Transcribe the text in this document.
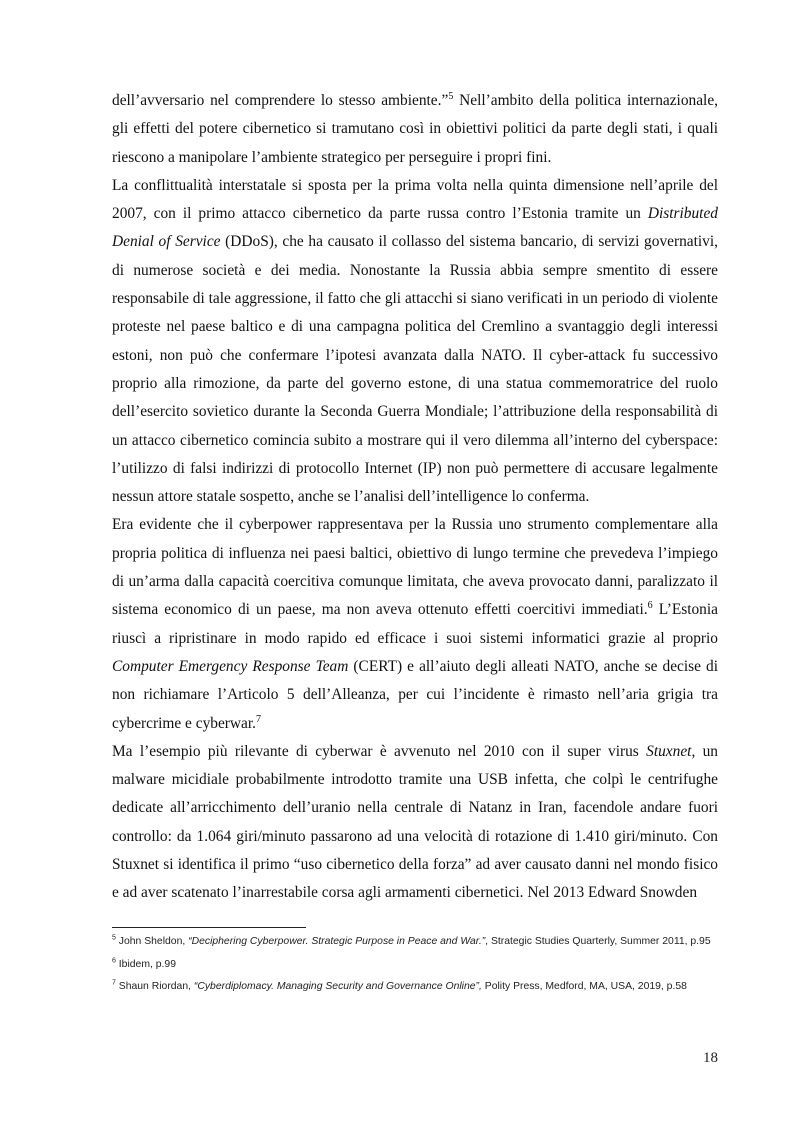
dell’avversario nel comprendere lo stesso ambiente.”$^5$ Nell’ambito della politica internazionale, gli effetti del potere cibernetico si tramutano così in obiettivi politici da parte degli stati, i quali riescono a manipolare l’ambiente strategico per perseguire i propri fini.

La conflittualità interstatale si sposta per la prima volta nella quinta dimensione nell’aprile del 2007, con il primo attacco cibernetico da parte russa contro l’Estonia tramite un Distributed Denial of Service (DDoS), che ha causato il collasso del sistema bancario, di servizi governativi, di numerose società e dei media. Nonostante la Russia abbia sempre smentito di essere responsabile di tale aggressione, il fatto che gli attacchi si siano verificati in un periodo di violente proteste nel paese baltico e di una campagna politica del Cremlino a svantaggio degli interessi estoni, non può che confermare l’ipotesi avanzata dalla NATO. Il cyber-attack fu successivo proprio alla rimozione, da parte del governo estone, di una statua commemoratrice del ruolo dell’esercito sovietico durante la Seconda Guerra Mondiale; l’attribuzione della responsabilità di un attacco cibernetico comincia subito a mostrare qui il vero dilemma all’interno del cyberspace: l’utilizzo di falsi indirizzi di protocollo Internet (IP) non può permettere di accusare legalmente nessun attore statale sospetto, anche se l’analisi dell’intelligence lo conferma.

Era evidente che il cyberpower rappresentava per la Russia uno strumento complementare alla propria politica di influenza nei paesi baltici, obiettivo di lungo termine che prevedeva l’impiego di un’arma dalla capacità coercitiva comunque limitata, che aveva provocato danni, paralizzato il sistema economico di un paese, ma non aveva ottenuto effetti coercitivi immediati.$^6$ L’Estonia riuscì a ripristinare in modo rapido ed efficace i suoi sistemi informatici grazie al proprio Computer Emergency Response Team (CERT) e all’aiuto degli alleati NATO, anche se decise di non richiamare l’Articolo 5 dell’Alleanza, per cui l’incidente è rimasto nell’aria grigia tra cybercrime e cyberwar.$^7$

Ma l’esempio più rilevante di cyberwar è avvenuto nel 2010 con il super virus Stuxnet, un malware micidiale probabilmente introdotto tramite una USB infetta, che colpì le centrifughe dedicate all’arricchimento dell’uranio nella centrale di Natanz in Iran, facendole andare fuori controllo: da 1.064 giri/minuto passarono ad una velocità di rotazione di 1.410 giri/minuto. Con Stuxnet si identifica il primo “uso cibernetico della forza” ad aver causato danni nel mondo fisico e ad aver scatenato l’inarrestabile corsa agli armamenti cibernetici. Nel 2013 Edward Snowden

$^5$ John Sheldon, “Deciphering Cyberpower. Strategic Purpose in Peace and War.”, Strategic Studies Quarterly, Summer 2011, p.95

$^6$ Ibidem, p.99

$^7$ Shaun Riordan, “Cyberdiplomacy. Managing Security and Governance Online”, Polity Press, Medford, MA, USA, 2019, p.58

18
